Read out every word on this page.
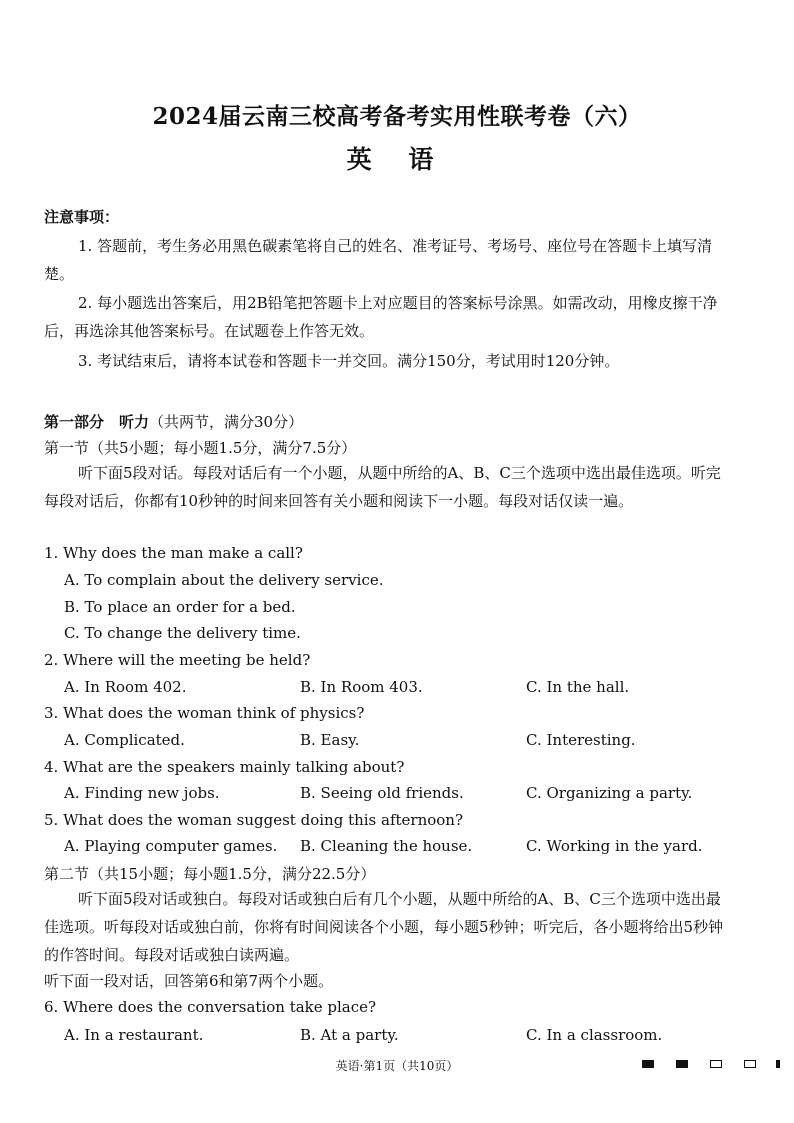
2024届云南三校高考备考实用性联考卷（六）
英 语
注意事项：
1. 答题前，考生务必用黑色碳素笔将自己的姓名、准考证号、考场号、座位号在答题卡上填写清楚。
2. 每小题选出答案后，用2B铅笔把答题卡上对应题目的答案标号涂黑。如需改动，用橡皮擦干净后，再选涂其他答案标号。在试题卷上作答无效。
3. 考试结束后，请将本试卷和答题卡一并交回。满分150分，考试用时120分钟。
第一部分　听力（共两节，满分30分）
第一节（共5小题；每小题1.5分，满分7.5分）
听下面5段对话。每段对话后有一个小题，从题中所给的A、B、C三个选项中选出最佳选项。听完每段对话后，你都有10秒钟的时间来回答有关小题和阅读下一小题。每段对话仅读一遍。
1. Why does the man make a call?
A. To complain about the delivery service.
B. To place an order for a bed.
C. To change the delivery time.
2. Where will the meeting be held?
A. In Room 402.	B. In Room 403.	C. In the hall.
3. What does the woman think of physics?
A. Complicated.	B. Easy.	C. Interesting.
4. What are the speakers mainly talking about?
A. Finding new jobs.	B. Seeing old friends.	C. Organizing a party.
5. What does the woman suggest doing this afternoon?
A. Playing computer games. B. Cleaning the house.	C. Working in the yard.
第二节（共15小题；每小题1.5分，满分22.5分）
听下面5段对话或独白。每段对话或独白后有几个小题，从题中所给的A、B、C三个选项中选出最佳选项。听每段对话或独白前，你将有时间阅读各个小题，每小题5秒钟；听完后，各小题将给出5秒钟的作答时间。每段对话或独白读两遍。
听下面一段对话，回答第6和第7两个小题。
6. Where does the conversation take place?
A. In a restaurant.	B. At a party.	C. In a classroom.
英语·第1页（共10页）
